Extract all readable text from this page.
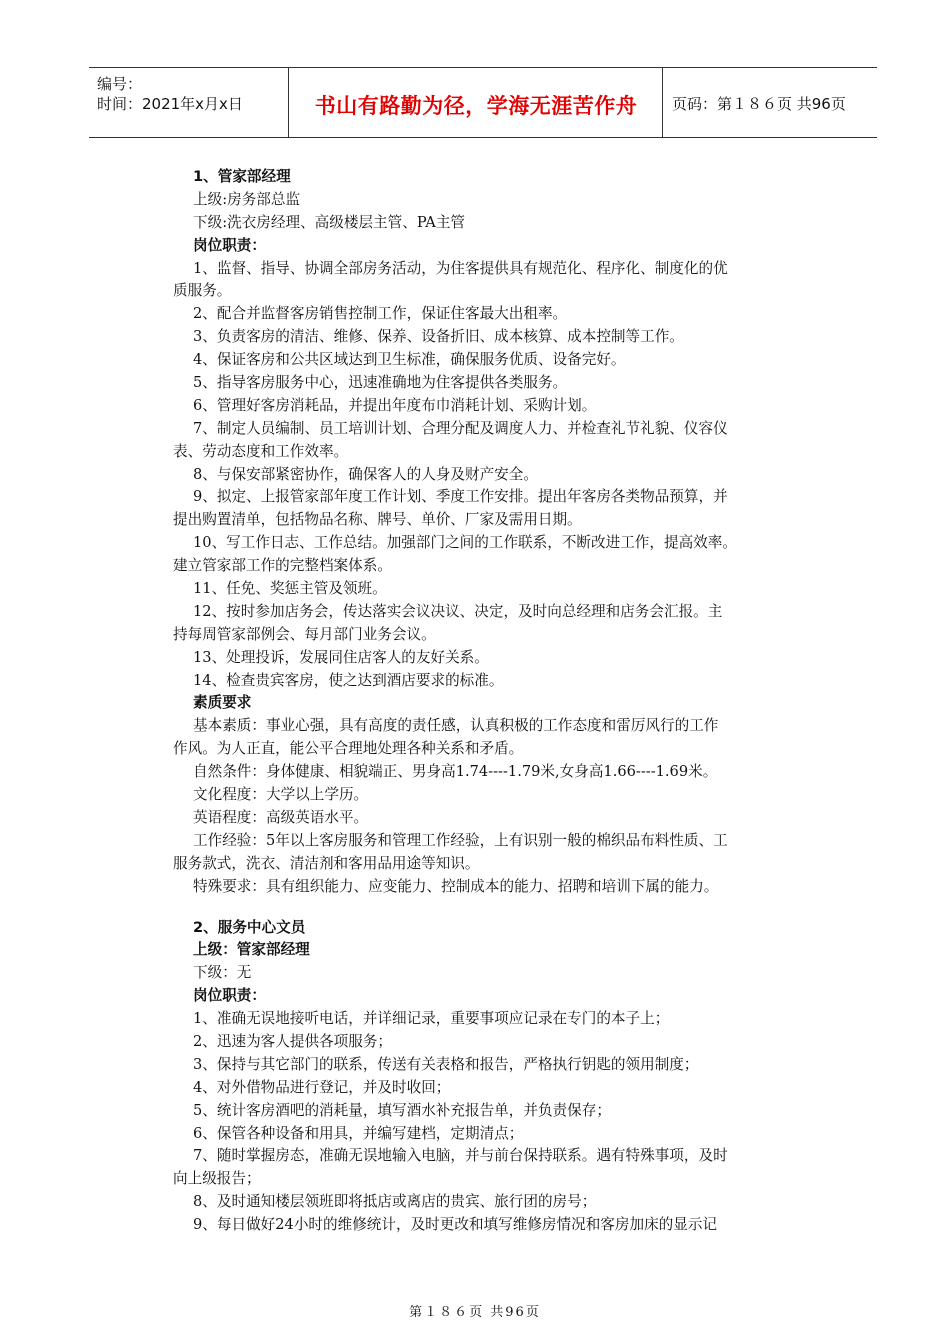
编号：
时间：2021年x月x日	书山有路勤为径，学海无涯苦作舟	页码：第１８６页 共96页
1、管家部经理
上级:房务部总监
下级:洗衣房经理、高级楼层主管、PA主管
岗位职责：
1、监督、指导、协调全部房务活动，为住客提供具有规范化、程序化、制度化的优
质服务。
2、配合并监督客房销售控制工作，保证住客最大出租率。
3、负责客房的清洁、维修、保养、设备折旧、成本核算、成本控制等工作。
4、保证客房和公共区域达到卫生标准，确保服务优质、设备完好。
5、指导客房服务中心，迅速准确地为住客提供各类服务。
6、管理好客房消耗品，并提出年度布巾消耗计划、采购计划。
7、制定人员编制、员工培训计划、合理分配及调度人力、并检查礼节礼貌、仪容仪
表、劳动态度和工作效率。
8、与保安部紧密协作，确保客人的人身及财产安全。
9、拟定、上报管家部年度工作计划、季度工作安排。提出年客房各类物品预算，并
提出购置清单，包括物品名称、牌号、单价、厂家及需用日期。
10、写工作日志、工作总结。加强部门之间的工作联系，不断改进工作，提高效率。
建立管家部工作的完整档案体系。
11、任免、奖惩主管及领班。
12、按时参加店务会，传达落实会议决议、决定，及时向总经理和店务会汇报。主
持每周管家部例会、每月部门业务会议。
13、处理投诉，发展同住店客人的友好关系。
14、检查贵宾客房，使之达到酒店要求的标准。
素质要求
基本素质：事业心强，具有高度的责任感，认真积极的工作态度和雷厉风行的工作
作风。为人正直，能公平合理地处理各种关系和矛盾。
自然条件：身体健康、相貌端正、男身高1.74----1.79米,女身高1.66----1.69米。
文化程度：大学以上学历。
英语程度：高级英语水平。
工作经验：5年以上客房服务和管理工作经验，上有识别一般的棉织品布料性质、工
服务款式，洗衣、清洁剂和客用品用途等知识。
特殊要求：具有组织能力、应变能力、控制成本的能力、招聘和培训下属的能力。
2、服务中心文员
上级：管家部经理
下级：无
岗位职责：
1、准确无误地接听电话，并详细记录，重要事项应记录在专门的本子上；
2、迅速为客人提供各项服务；
3、保持与其它部门的联系，传送有关表格和报告，严格执行钥匙的领用制度；
4、对外借物品进行登记，并及时收回；
5、统计客房酒吧的消耗量，填写酒水补充报告单，并负责保存；
6、保管各种设备和用具，并编写建档，定期清点；
7、随时掌握房态，准确无误地输入电脑，并与前台保持联系。遇有特殊事项，及时
向上级报告；
8、及时通知楼层领班即将抵店或离店的贵宾、旅行团的房号；
9、每日做好24小时的维修统计，及时更改和填写维修房情况和客房加床的显示记
第１８６页 共96页
